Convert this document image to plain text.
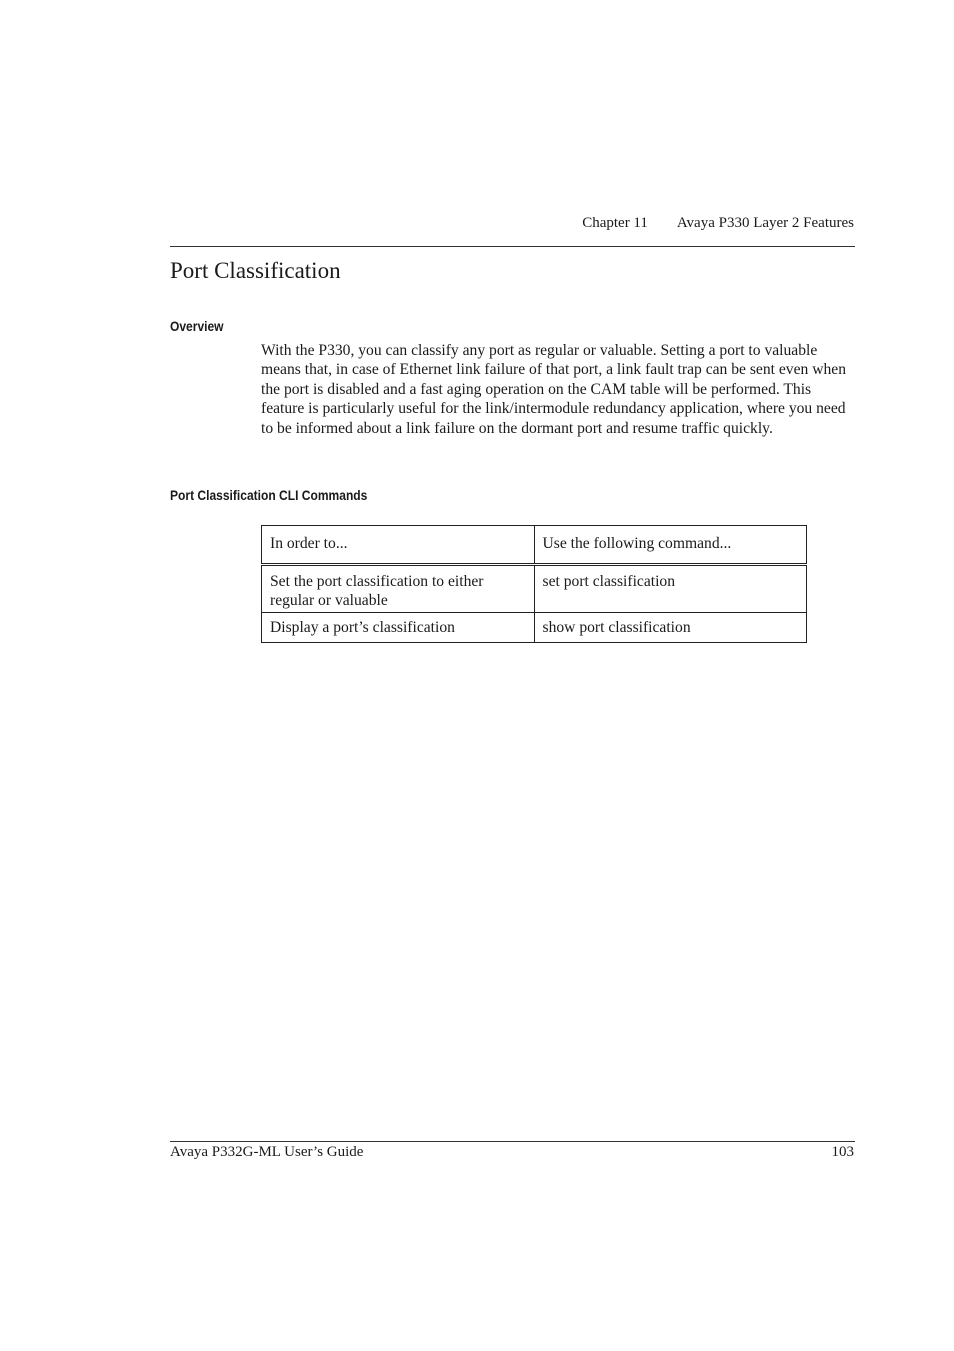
Chapter 11 Avaya P330 Layer 2 Features
Port Classification
Overview

With the P330, you can classify any port as regular or valuable. Setting a port to valuable means that, in case of Ethernet link failure of that port, a link fault trap can be sent even when the port is disabled and a fast aging operation on the CAM table will be performed. This feature is particularly useful for the link/intermodule redundancy application, where you need to be informed about a link failure on the dormant port and resume traffic quickly.

Port Classification CLI Commands
In order to...	Use the following command...
Set the port classification to either regular or valuable	set port classification
Display a port’s classification	show port classification
Avaya P332G-ML User’s Guide	103
